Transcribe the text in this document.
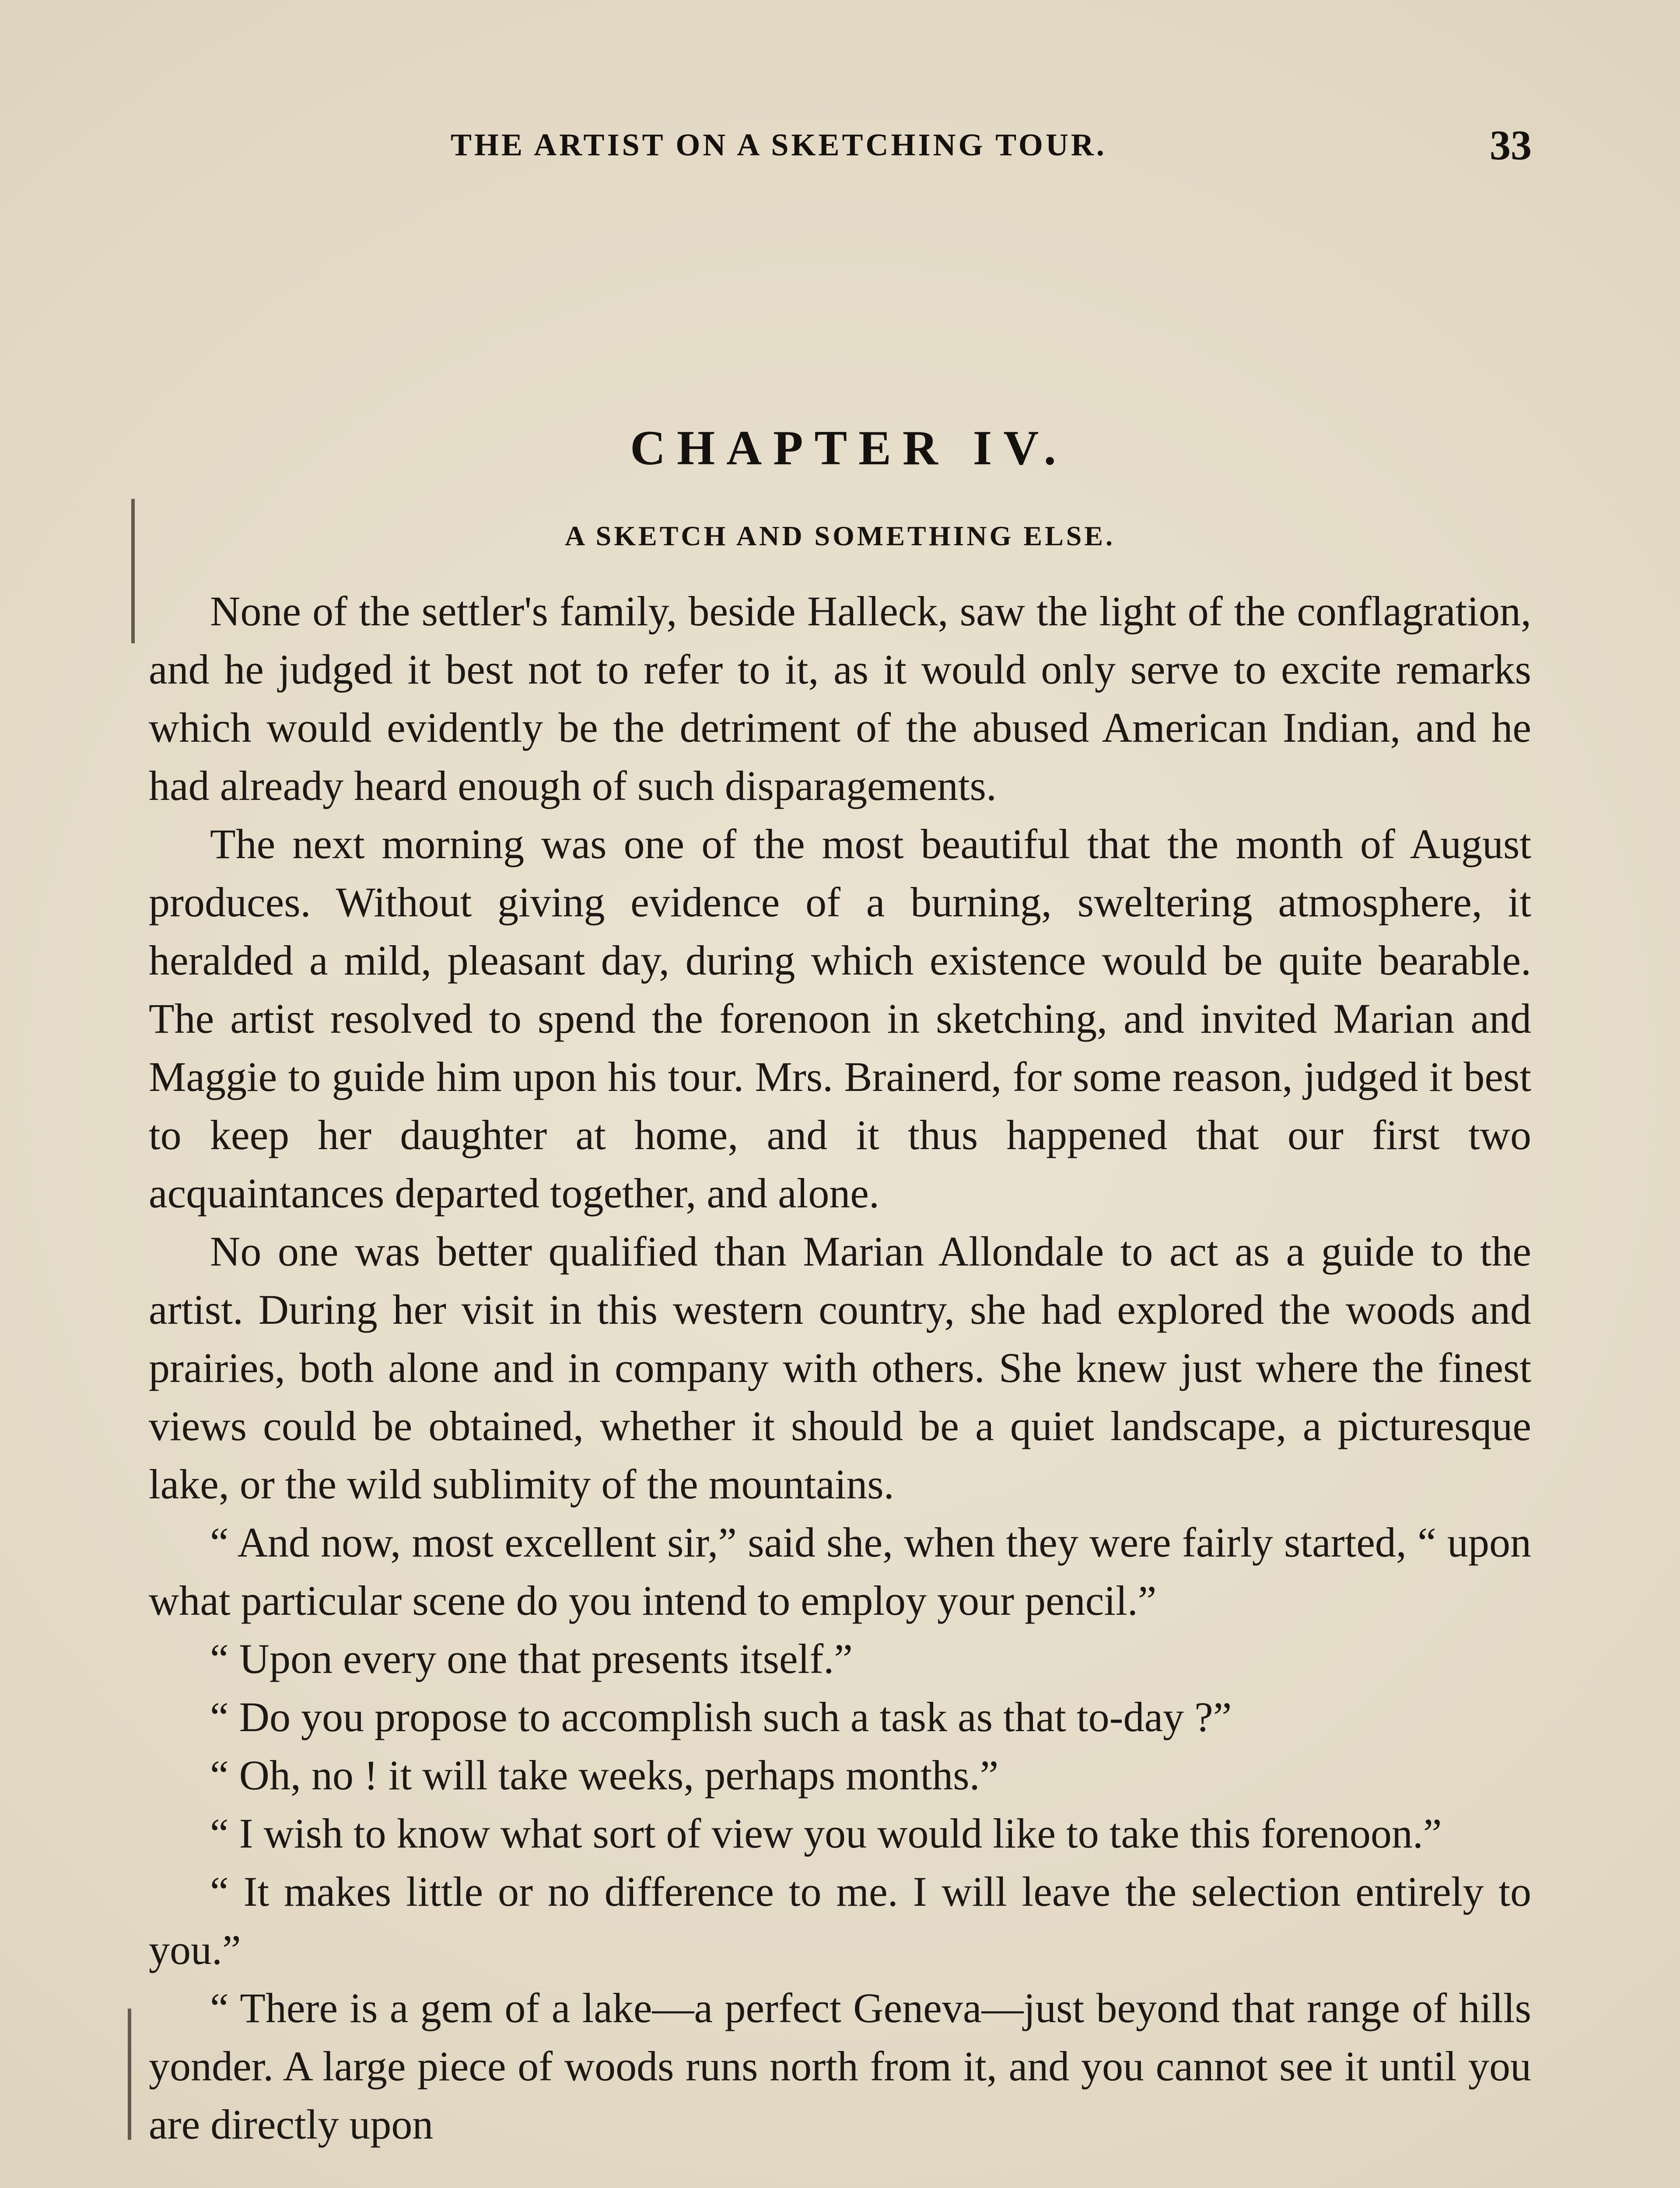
THE ARTIST ON A SKETCHING TOUR.	33
CHAPTER IV.
A SKETCH AND SOMETHING ELSE.

None of the settler's family, beside Halleck, saw the light of the conflagration, and he judged it best not to refer to it, as it would only serve to excite remarks which would evidently be the detriment of the abused American Indian, and he had already heard enough of such disparagements.

The next morning was one of the most beautiful that the month of August produces. Without giving evidence of a burning, sweltering atmosphere, it heralded a mild, pleasant day, during which existence would be quite bearable. The artist resolved to spend the forenoon in sketching, and invited Marian and Maggie to guide him upon his tour. Mrs. Brainerd, for some reason, judged it best to keep her daughter at home, and it thus happened that our first two acquaintances departed together, and alone.

No one was better qualified than Marian Allondale to act as a guide to the artist. During her visit in this western country, she had explored the woods and prairies, both alone and in company with others. She knew just where the finest views could be obtained, whether it should be a quiet landscape, a picturesque lake, or the wild sublimity of the mountains.

“ And now, most excellent sir,” said she, when they were fairly started, “ upon what particular scene do you intend to employ your pencil.”

“ Upon every one that presents itself.”

“ Do you propose to accomplish such a task as that to-day ?”

“ Oh, no ! it will take weeks, perhaps months.”

“ I wish to know what sort of view you would like to take this forenoon.”

“ It makes little or no difference to me. I will leave the selection entirely to you.”

“ There is a gem of a lake—a perfect Geneva—just beyond that range of hills yonder. A large piece of woods runs north from it, and you cannot see it until you are directly upon
